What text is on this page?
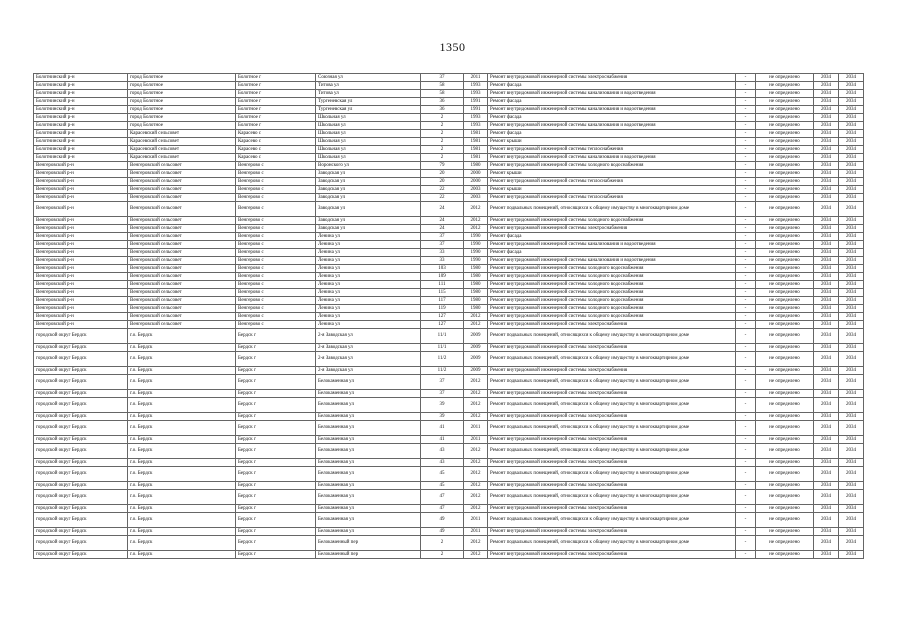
1350
Болотнинский р-н	город Болотное	Болотное г	Союзная ул	37	2011	Ремонт внутридомовой инженерной системы электроснабжения	-	не определено	2034	2034
Болотнинский р-н	город Болотное	Болотное г	Титова ул	58	1993	Ремонт фасада	-	не определено	2034	2034
Болотнинский р-н	город Болотное	Болотное г	Титова ул	58	1993	Ремонт внутридомовой инженерной системы канализования и водоотведения	-	не определено	2034	2034
Болотнинский р-н	город Болотное	Болотное г	Тургеневская ул	36	1991	Ремонт фасада	-	не определено	2034	2034
Болотнинский р-н	город Болотное	Болотное г	Тургеневская ул	36	1991	Ремонт внутридомовой инженерной системы канализования и водоотведения	-	не определено	2034	2034
Болотнинский р-н	город Болотное	Болотное г	Школьная ул	2	1993	Ремонт фасада	-	не определено	2034	2034
Болотнинский р-н	город Болотное	Болотное г	Школьная ул	2	1993	Ремонт внутридомовой инженерной системы канализования и водоотведения	-	не определено	2034	2034
Болотнинский р-н	Карасевский сельсовет	Карасево с	Школьная ул	2	1981	Ремонт фасада	-	не определено	2034	2034
Болотнинский р-н	Карасевский сельсовет	Карасево с	Школьная ул	2	1981	Ремонт крыши	-	не определено	2034	2034
Болотнинский р-н	Карасевский сельсовет	Карасево с	Школьная ул	2	1981	Ремонт внутридомовой инженерной системы теплоснабжения	-	не определено	2034	2034
Болотнинский р-н	Карасевский сельсовет	Карасево с	Школьная ул	2	1981	Ремонт внутридомовой инженерной системы канализования и водоотведения	-	не определено	2034	2034
Венгеровский р-н	Венгеровский сельсовет	Венгерово с	Воронского ул	79	1980	Ремонт внутридомовой инженерной системы холодного водоснабжения	-	не определено	2034	2034
Венгеровский р-н	Венгеровский сельсовет	Венгерово с	Заводская ул	20	2000	Ремонт крыши	-	не определено	2034	2034
Венгеровский р-н	Венгеровский сельсовет	Венгерово с	Заводская ул	20	2000	Ремонт внутридомовой инженерной системы теплоснабжения	-	не определено	2034	2034
Венгеровский р-н	Венгеровский сельсовет	Венгерово с	Заводская ул	22	2003	Ремонт крыши	-	не определено	2034	2034
Венгеровский р-н	Венгеровский сельсовет	Венгерово с	Заводская ул	22	2003	Ремонт внутридомовой инженерной системы теплоснабжения	-	не определено	2034	2034
Венгеровский р-н	Венгеровский сельсовет	Венгерово с	Заводская ул	24	2012	Ремонт подвальных помещений, относящихся к общему имуществу в многоквартирном доме	-	не определено	2034	2034
Венгеровский р-н	Венгеровский сельсовет	Венгерово с	Заводская ул	24	2012	Ремонт внутридомовой инженерной системы холодного водоснабжения	-	не определено	2034	2034
Венгеровский р-н	Венгеровский сельсовет	Венгерово с	Заводская ул	24	2012	Ремонт внутридомовой инженерной системы электроснабжения	-	не определено	2034	2034
Венгеровский р-н	Венгеровский сельсовет	Венгерово с	Ленина ул	37	1990	Ремонт фасада	-	не определено	2034	2034
Венгеровский р-н	Венгеровский сельсовет	Венгерово с	Ленина ул	37	1990	Ремонт внутридомовой инженерной системы канализования и водоотведения	-	не определено	2034	2034
Венгеровский р-н	Венгеровский сельсовет	Венгерово с	Ленина ул	33	1990	Ремонт фасада	-	не определено	2034	2034
Венгеровский р-н	Венгеровский сельсовет	Венгерово с	Ленина ул	33	1990	Ремонт внутридомовой инженерной системы канализования и водоотведения	-	не определено	2034	2034
Венгеровский р-н	Венгеровский сельсовет	Венгерово с	Ленина ул	103	1980	Ремонт внутридомовой инженерной системы холодного водоснабжения	-	не определено	2034	2034
Венгеровский р-н	Венгеровский сельсовет	Венгерово с	Ленина ул	109	1980	Ремонт внутридомовой инженерной системы холодного водоснабжения	-	не определено	2034	2034
Венгеровский р-н	Венгеровский сельсовет	Венгерово с	Ленина ул	111	1980	Ремонт внутридомовой инженерной системы холодного водоснабжения	-	не определено	2034	2034
Венгеровский р-н	Венгеровский сельсовет	Венгерово с	Ленина ул	115	1980	Ремонт внутридомовой инженерной системы холодного водоснабжения	-	не определено	2034	2034
Венгеровский р-н	Венгеровский сельсовет	Венгерово с	Ленина ул	117	1980	Ремонт внутридомовой инженерной системы холодного водоснабжения	-	не определено	2034	2034
Венгеровский р-н	Венгеровский сельсовет	Венгерово с	Ленина ул	119	1980	Ремонт внутридомовой инженерной системы холодного водоснабжения	-	не определено	2034	2034
Венгеровский р-н	Венгеровский сельсовет	Венгерово с	Ленина ул	127	2012	Ремонт внутридомовой инженерной системы холодного водоснабжения	-	не определено	2034	2034
Венгеровский р-н	Венгеровский сельсовет	Венгерово с	Ленина ул	127	2012	Ремонт внутридомовой инженерной системы электроснабжения	-	не определено	2034	2034
городской округ Бердск	г.о. Бердск	Бердск г	2-я Заводская ул	11/1	2009	Ремонт подвальных помещений, относящихся к общему имуществу в многоквартирном доме	-	не определено	2034	2034
городской округ Бердск	г.о. Бердск	Бердск г	2-я Заводская ул	11/1	2009	Ремонт внутридомовой инженерной системы электроснабжения	-	не определено	2034	2034
городской округ Бердск	г.о. Бердск	Бердск г	2-я Заводская ул	11/2	2009	Ремонт подвальных помещений, относящихся к общему имуществу в многоквартирном доме	-	не определено	2034	2034
городской округ Бердск	г.о. Бердск	Бердск г	2-я Заводская ул	11/2	2009	Ремонт внутридомовой инженерной системы электроснабжения	-	не определено	2034	2034
городской округ Бердск	г.о. Бердск	Бердск г	Белокаменная ул	37	2012	Ремонт подвальных помещений, относящихся к общему имуществу в многоквартирном доме	-	не определено	2034	2034
городской округ Бердск	г.о. Бердск	Бердск г	Белокаменная ул	37	2012	Ремонт внутридомовой инженерной системы электроснабжения	-	не определено	2034	2034
городской округ Бердск	г.о. Бердск	Бердск г	Белокаменная ул	39	2012	Ремонт подвальных помещений, относящихся к общему имуществу в многоквартирном доме	-	не определено	2034	2034
городской округ Бердск	г.о. Бердск	Бердск г	Белокаменная ул	39	2012	Ремонт внутридомовой инженерной системы электроснабжения	-	не определено	2034	2034
городской округ Бердск	г.о. Бердск	Бердск г	Белокаменная ул	41	2011	Ремонт подвальных помещений, относящихся к общему имуществу в многоквартирном доме	-	не определено	2034	2034
городской округ Бердск	г.о. Бердск	Бердск г	Белокаменная ул	41	2011	Ремонт внутридомовой инженерной системы электроснабжения	-	не определено	2034	2034
городской округ Бердск	г.о. Бердск	Бердск г	Белокаменная ул	43	2012	Ремонт подвальных помещений, относящихся к общему имуществу в многоквартирном доме	-	не определено	2034	2034
городской округ Бердск	г.о. Бердск	Бердск г	Белокаменная ул	43	2012	Ремонт внутридомовой инженерной системы электроснабжения	-	не определено	2034	2034
городской округ Бердск	г.о. Бердск	Бердск г	Белокаменная ул	45	2012	Ремонт подвальных помещений, относящихся к общему имуществу в многоквартирном доме	-	не определено	2034	2034
городской округ Бердск	г.о. Бердск	Бердск г	Белокаменная ул	45	2012	Ремонт внутридомовой инженерной системы электроснабжения	-	не определено	2034	2034
городской округ Бердск	г.о. Бердск	Бердск г	Белокаменная ул	47	2012	Ремонт подвальных помещений, относящихся к общему имуществу в многоквартирном доме	-	не определено	2034	2034
городской округ Бердск	г.о. Бердск	Бердск г	Белокаменная ул	47	2012	Ремонт внутридомовой инженерной системы электроснабжения	-	не определено	2034	2034
городской округ Бердск	г.о. Бердск	Бердск г	Белокаменная ул	49	2011	Ремонт подвальных помещений, относящихся к общему имуществу в многоквартирном доме	-	не определено	2034	2034
городской округ Бердск	г.о. Бердск	Бердск г	Белокаменная ул	49	2011	Ремонт внутридомовой инженерной системы электроснабжения	-	не определено	2034	2034
городской округ Бердск	г.о. Бердск	Бердск г	Белокаменный пер	2	2012	Ремонт подвальных помещений, относящихся к общему имуществу в многоквартирном доме	-	не определено	2034	2034
городской округ Бердск	г.о. Бердск	Бердск г	Белокаменный пер	2	2012	Ремонт внутридомовой инженерной системы электроснабжения	-	не определено	2034	2034
